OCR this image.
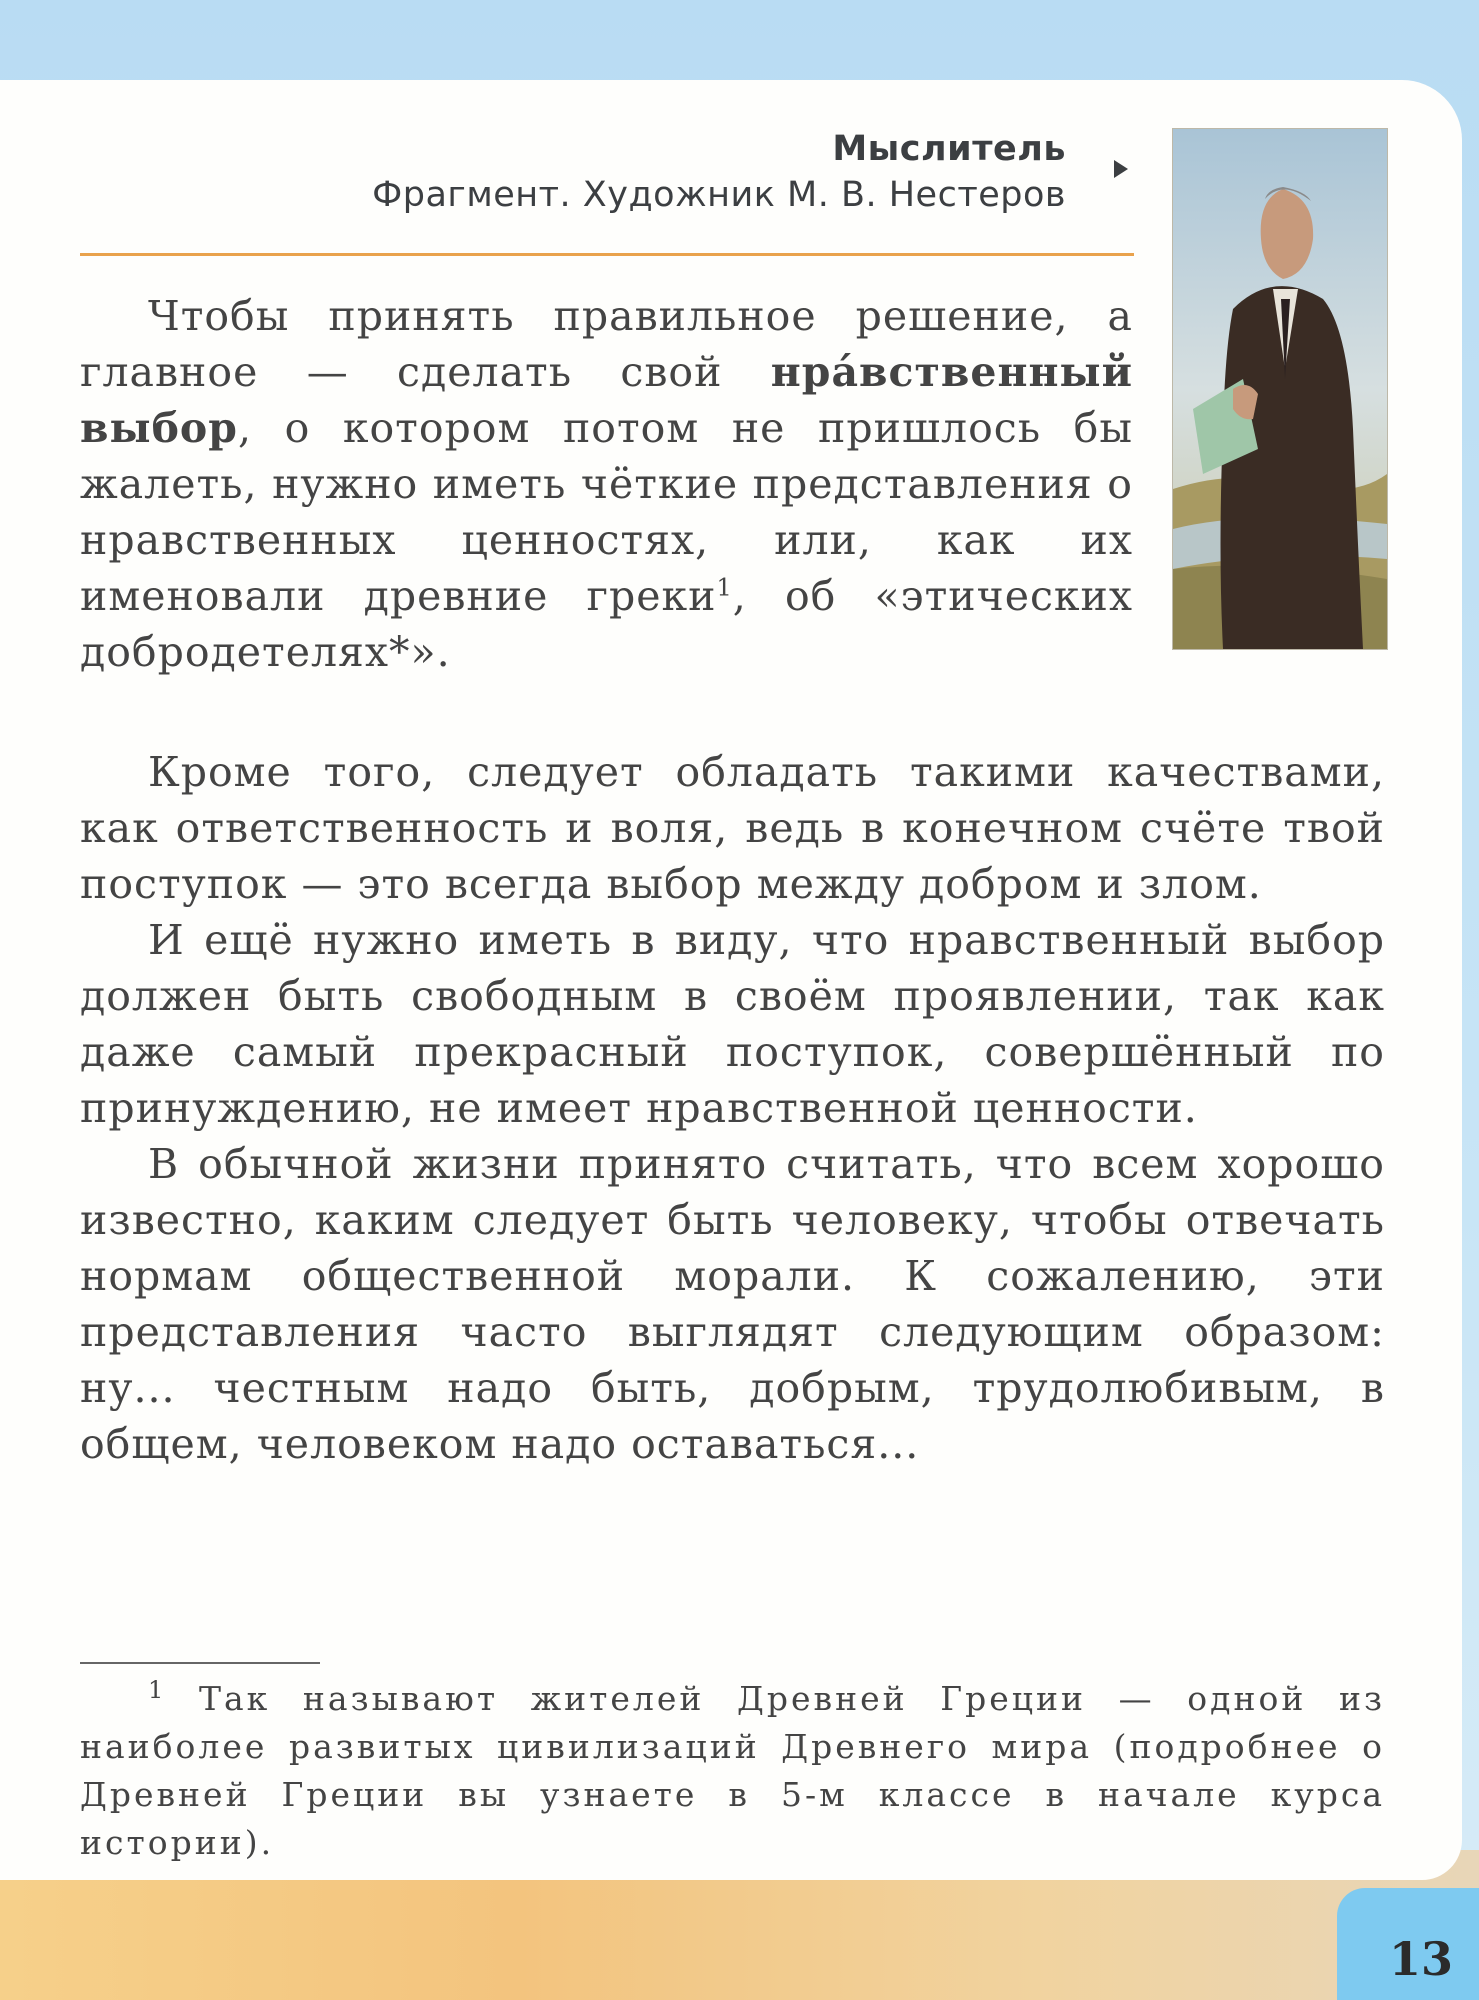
Мыслитель
Фрагмент. Художник М. В. Нестеров

Чтобы принять правильное решение, а главное — сделать свой нра́вственный выбор, о котором потом не пришлось бы жалеть, нужно иметь чёткие представления о нравственных ценностях, или, как их именовали древние греки$^1$, об «этических добродетелях*».

Кроме того, следует обладать такими качествами, как ответственность и воля, ведь в конечном счёте твой поступок — это всегда выбор между добром и злом.

И ещё нужно иметь в виду, что нравственный выбор должен быть свободным в своём проявлении, так как даже самый прекрасный поступок, совершённый по принуждению, не имеет нравственной ценности.

В обычной жизни принято считать, что всем хорошо известно, каким следует быть человеку, чтобы отвечать нормам общественной морали. К сожалению, эти представления часто выглядят следующим образом: ну... честным надо быть, добрым, трудолюбивым, в общем, человеком надо оставаться...

$^1$ Так называют жителей Древней Греции — одной из наиболее развитых цивилизаций Древнего мира (подробнее о Древней Греции вы узнаете в 5-м классе в начале курса истории).
13
